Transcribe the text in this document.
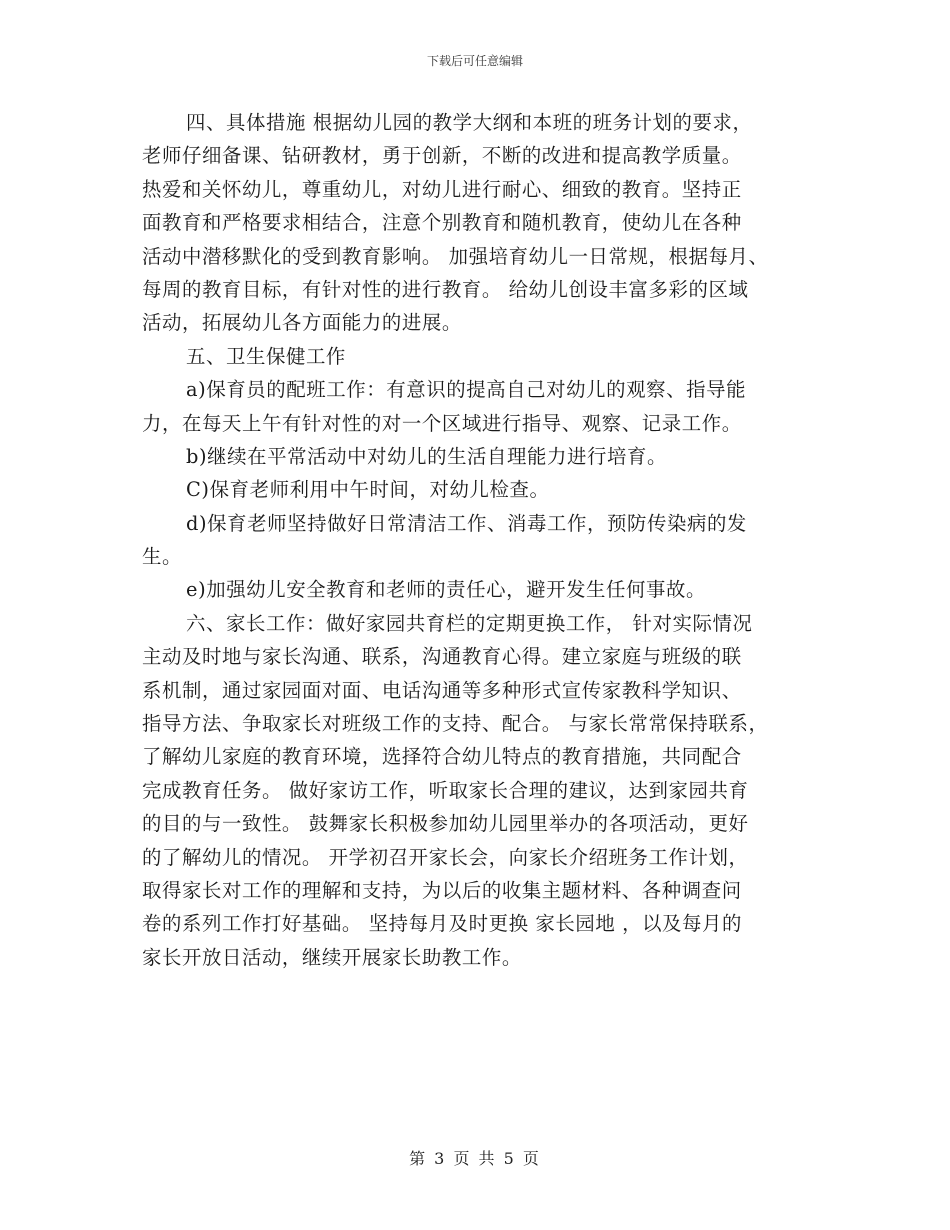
下载后可任意编辑
四、具体措施 根据幼儿园的教学大纲和本班的班务计划的要求，
老师仔细备课、钻研教材，勇于创新，不断的改进和提高教学质量。
热爱和关怀幼儿，尊重幼儿，对幼儿进行耐心、细致的教育。坚持正
面教育和严格要求相结合，注意个别教育和随机教育，使幼儿在各种
活动中潜移默化的受到教育影响。 加强培育幼儿一日常规，根据每月、
每周的教育目标，有针对性的进行教育。 给幼儿创设丰富多彩的区域
活动，拓展幼儿各方面能力的进展。
五、卫生保健工作
a)保育员的配班工作：有意识的提高自己对幼儿的观察、指导能
力，在每天上午有针对性的对一个区域进行指导、观察、记录工作。
b)继续在平常活动中对幼儿的生活自理能力进行培育。
C)保育老师利用中午时间，对幼儿检查。
d)保育老师坚持做好日常清洁工作、消毒工作，预防传染病的发
生。
e)加强幼儿安全教育和老师的责任心，避开发生任何事故。
六、家长工作：做好家园共育栏的定期更换工作， 针对实际情况
主动及时地与家长沟通、联系，沟通教育心得。建立家庭与班级的联
系机制，通过家园面对面、电话沟通等多种形式宣传家教科学知识、
指导方法、争取家长对班级工作的支持、配合。 与家长常常保持联系，
了解幼儿家庭的教育环境，选择符合幼儿特点的教育措施，共同配合
完成教育任务。 做好家访工作，听取家长合理的建议，达到家园共育
的目的与一致性。 鼓舞家长积极参加幼儿园里举办的各项活动，更好
的了解幼儿的情况。 开学初召开家长会，向家长介绍班务工作计划，
取得家长对工作的理解和支持，为以后的收集主题材料、各种调查问
卷的系列工作打好基础。 坚持每月及时更换 家长园地 ，以及每月的
家长开放日活动，继续开展家长助教工作。
第 3 页 共 5 页
